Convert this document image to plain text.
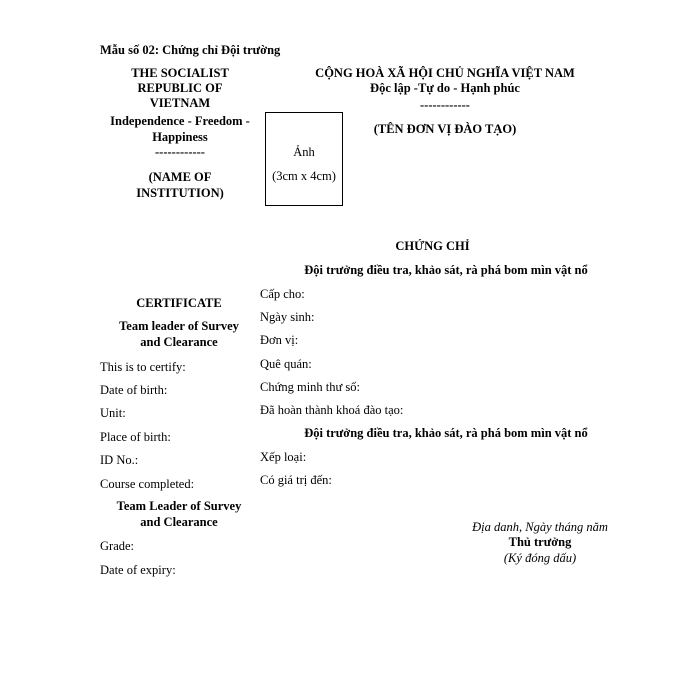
Mẫu số 02: Chứng chỉ Đội trường
THE SOCIALIST
REPUBLIC OF
VIETNAM
Independence - Freedom -
Happiness
------------
(NAME OF
INSTITUTION)
Ảnh
(3cm x 4cm)
CỘNG HOÀ XÃ HỘI CHỦ NGHĨA VIỆT NAM
Độc lập -Tự do - Hạnh phúc
------------
(TÊN ĐƠN VỊ ĐÀO TẠO)
CHỨNG CHỈ
Đội trưởng điều tra, khảo sát, rà phá bom mìn vật nổ
CERTIFICATE
Team leader of Survey
and Clearance
Cấp cho:
Ngày sinh:
Đơn vị:
Quê quán:
Chứng minh thư số:
Đã hoàn thành khoá đào tạo:
Đội trưởng điều tra, khảo sát, rà phá bom mìn vật nổ
Xếp loại:
Có giá trị đến:
This is to certify:
Date of birth:
Unit:
Place of birth:
ID No.:
Course completed:
Team Leader of Survey
and Clearance
Grade:
Date of expiry:
Địa danh, Ngày tháng năm
Thủ trưởng
(Ký đóng dấu)
